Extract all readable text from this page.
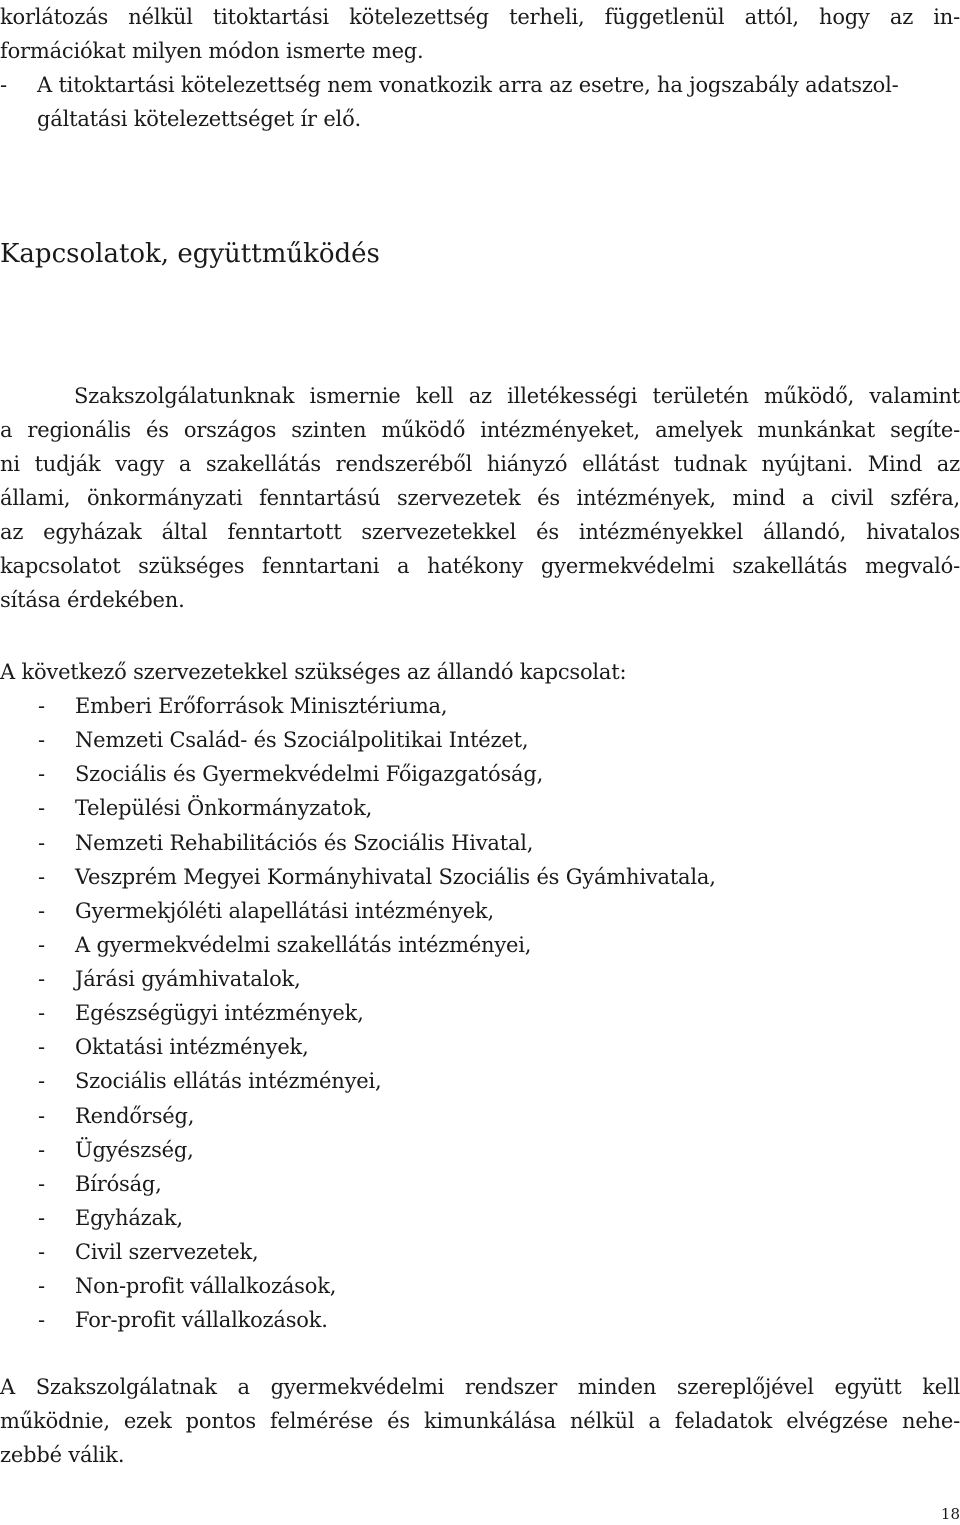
korlátozás nélkül titoktartási kötelezettség terheli, függetlenül attól, hogy az in-
formációkat milyen módon ismerte meg.
- A titoktartási kötelezettség nem vonatkozik arra az esetre, ha jogszabály adatszol-
gáltatási kötelezettséget ír elő.
Kapcsolatok, együttműködés
Szakszolgálatunknak ismernie kell az illetékességi területén működő, valamint
a regionális és országos szinten működő intézményeket, amelyek munkánkat segíte-
ni tudják vagy a szakellátás rendszeréből hiányzó ellátást tudnak nyújtani. Mind az
állami, önkormányzati fenntartású szervezetek és intézmények, mind a civil szféra,
az egyházak által fenntartott szervezetekkel és intézményekkel állandó, hivatalos
kapcsolatot szükséges fenntartani a hatékony gyermekvédelmi szakellátás megvaló-
sítása érdekében.

A következő szervezetekkel szükséges az állandó kapcsolat:

- Emberi Erőforrások Minisztériuma,
- Nemzeti Család- és Szociálpolitikai Intézet,
- Szociális és Gyermekvédelmi Főigazgatóság,
- Települési Önkormányzatok,
- Nemzeti Rehabilitációs és Szociális Hivatal,
- Veszprém Megyei Kormányhivatal Szociális és Gyámhivatala,
- Gyermekjóléti alapellátási intézmények,
- A gyermekvédelmi szakellátás intézményei,
- Járási gyámhivatalok,
- Egészségügyi intézmények,
- Oktatási intézmények,
- Szociális ellátás intézményei,
- Rendőrség,
- Ügyészség,
- Bíróság,
- Egyházak,
- Civil szervezetek,
- Non-profit vállalkozások,
- For-profit vállalkozások.
A Szakszolgálatnak a gyermekvédelmi rendszer minden szereplőjével együtt kell
működnie, ezek pontos felmérése és kimunkálása nélkül a feladatok elvégzése nehe-
zebbé válik.
18
